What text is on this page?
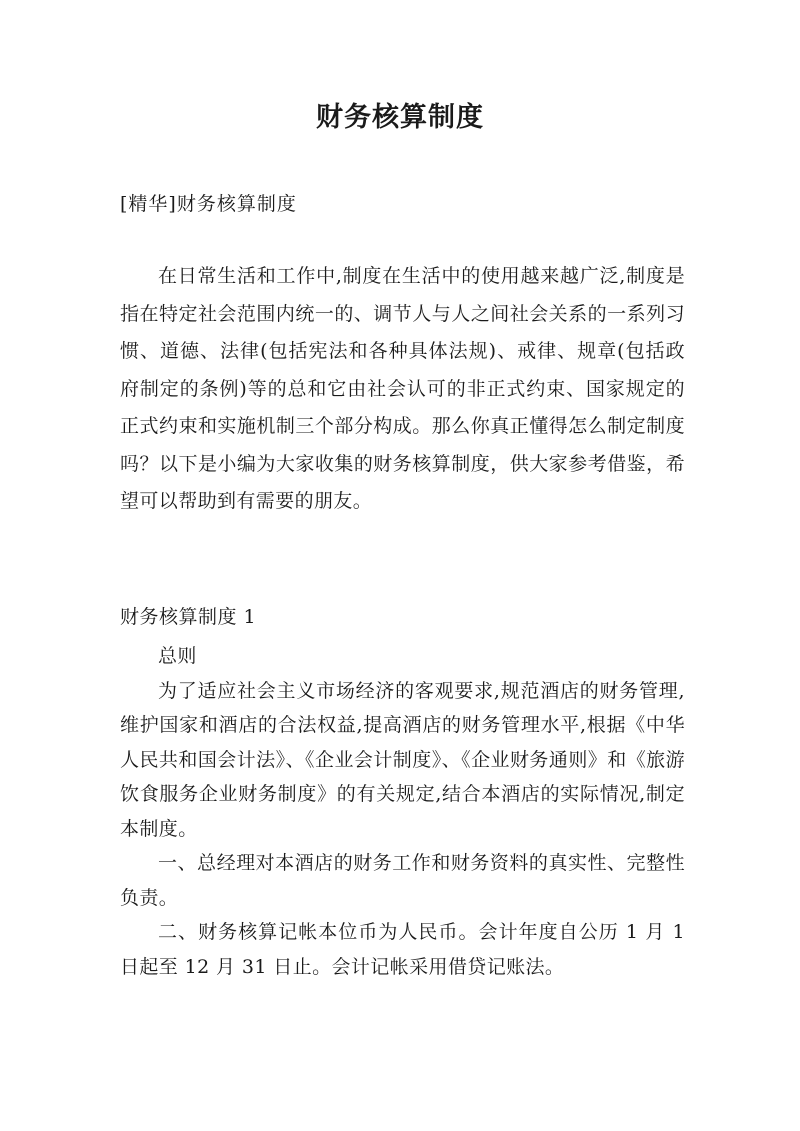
财务核算制度

[精华]财务核算制度

在日常生活和工作中,制度在生活中的使用越来越广泛,制度是指在特定社会范围内统一的、调节人与人之间社会关系的一系列习惯、道德、法律(包括宪法和各种具体法规)、戒律、规章(包括政府制定的条例)等的总和它由社会认可的非正式约束、国家规定的正式约束和实施机制三个部分构成。那么你真正懂得怎么制定制度吗？以下是小编为大家收集的财务核算制度，供大家参考借鉴，希望可以帮助到有需要的朋友。

财务核算制度 1

总则

为了适应社会主义市场经济的客观要求,规范酒店的财务管理,维护国家和酒店的合法权益,提高酒店的财务管理水平,根据《中华人民共和国会计法》、《企业会计制度》、《企业财务通则》和《旅游饮食服务企业财务制度》的有关规定,结合本酒店的实际情况,制定本制度。

一、总经理对本酒店的财务工作和财务资料的真实性、完整性负责。

二、财务核算记帐本位币为人民币。会计年度自公历 1 月 1 日起至 12 月 31 日止。会计记帐采用借贷记账法。
